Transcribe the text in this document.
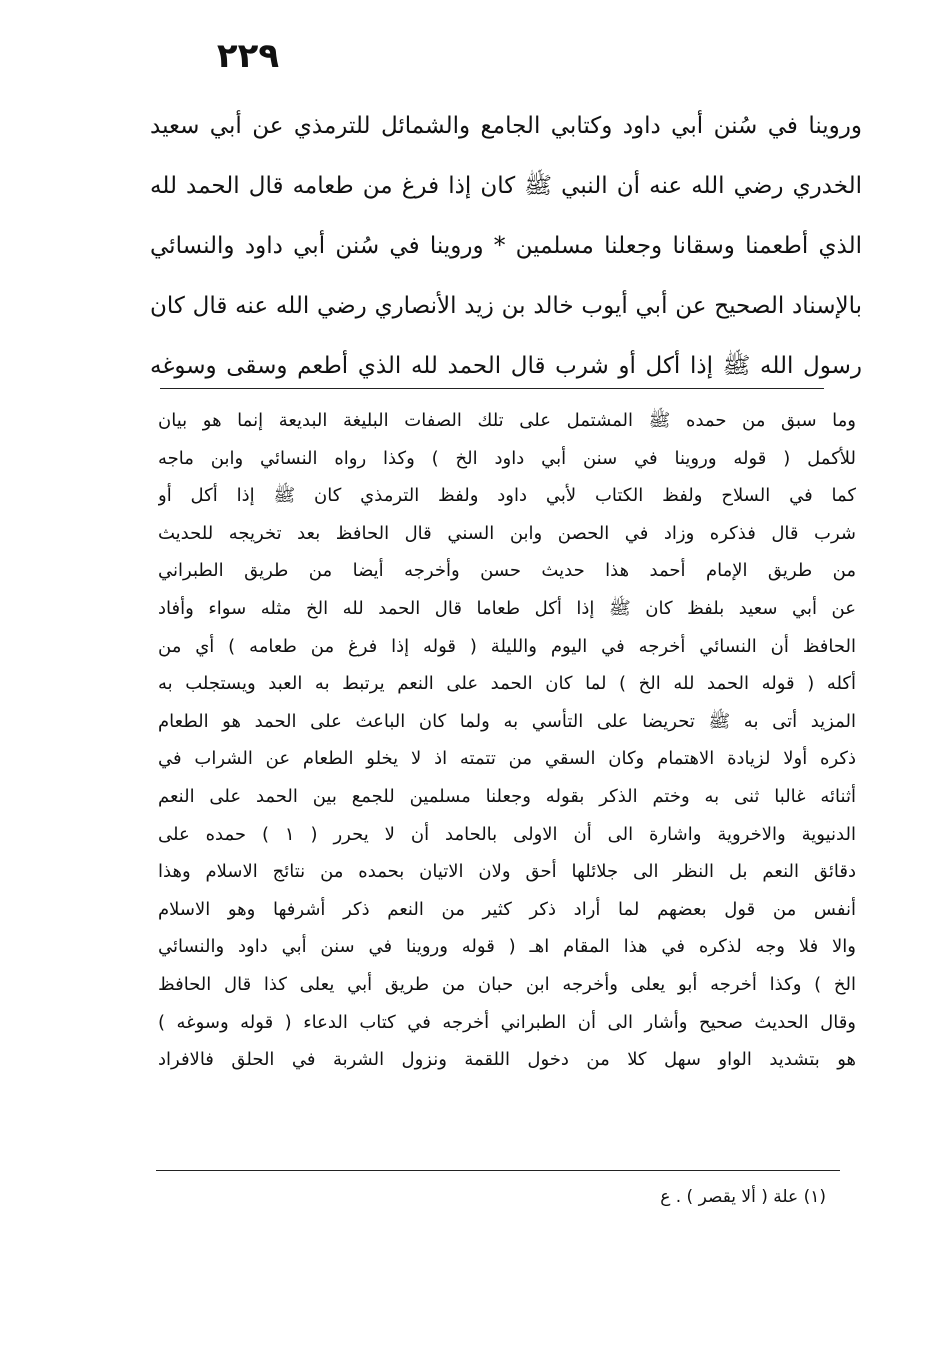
٢٢٩
وروينا في سُنن أبي داود وكتابي الجامع والشمائل للترمذي عن أبي سعيد
الخدري رضي الله عنه أن النبي ﷺ كان إذا فرغ من طعامه قال الحمد لله
الذي أطعمنا وسقانا وجعلنا مسلمين * وروينا في سُنن أبي داود والنسائي
بالإسناد الصحيح عن أبي أيوب خالد بن زيد الأنصاري رضي الله عنه قال كان
رسول الله ﷺ إذا أكل أو شرب قال الحمد لله الذي أطعم وسقى وسوغه
وما سبق من حمده ﷺ المشتمل على تلك الصفات البليغة البديعة إنما هو بيان
للأكمل ( قوله وروينا في سنن أبي داود الخ ) وكذا رواه النسائي وابن ماجه
كما في السلاح ولفظ الكتاب لأبي داود ولفظ الترمذي كان ﷺ إذا أكل أو
شرب قال فذكره وزاد في الحصن وابن السني قال الحافظ بعد تخريجه للحديث
من طريق الإمام أحمد هذا حديث حسن وأخرجه أيضا من طريق الطبراني
عن أبي سعيد بلفظ كان ﷺ إذا أكل طعاما قال الحمد لله الخ مثله سواء وأفاد
الحافظ أن النسائي أخرجه في اليوم والليلة ( قوله إذا فرغ من طعامه ) أي من
أكله ( قوله الحمد لله الخ ) لما كان الحمد على النعم يرتبط به العبد ويستجلب به
المزيد أتى به ﷺ تحريضا على التأسي به ولما كان الباعث على الحمد هو الطعام
ذكره أولا لزيادة الاهتمام وكان السقي من تتمته اذ لا يخلو الطعام عن الشراب في
أثنائه غالبا ثنى به وختم الذكر بقوله وجعلنا مسلمين للجمع بين الحمد على النعم
الدنيوية والاخروية واشارة الى أن الاولى بالحامد أن لا يحرر ( ١ ) حمده على
دقائق النعم بل النظر الى جلائلها أحق ولان الاتيان بحمده من نتائج الاسلام وهذا
أنفس من قول بعضهم لما أراد ذكر كثير من النعم ذكر أشرفها وهو الاسلام
والا فلا وجه لذكره في هذا المقام اهـ ( قوله وروينا في سنن أبي داود والنسائي
الخ ) وكذا أخرجه أبو يعلى وأخرجه ابن حبان من طريق أبي يعلى كذا قال الحافظ
وقال الحديث صحيح وأشار الى أن الطبراني أخرجه في كتاب الدعاء ( قوله وسوغه )
هو بتشديد الواو سهل كلا من دخول اللقمة ونزول الشربة في الحلق فالافراد
(١) علة ( ألا يقصر ) . ع
